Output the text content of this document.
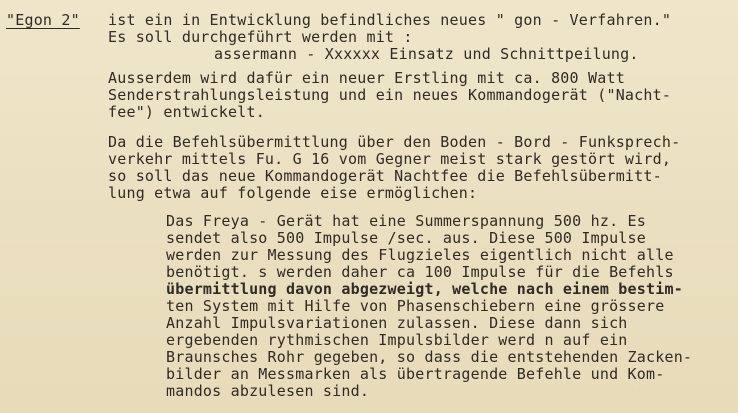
"Egon 2" ist ein in Entwicklung befindliches neues " gon - Verfahren."
Es soll durchgeführt werden mit :
assermann - Xxxxxx Einsatz und Schnittpeilung.
Ausserdem wird dafür ein neuer Erstling mit ca. 800 Watt
Senderstrahlungsleistung und ein neues Kommandogerät ("Nacht-
fee") entwickelt.
Da die Befehlsübermittlung über den Boden - Bord - Funksprech-
verkehr mittels Fu. G 16 vom Gegner meist stark gestört wird,
so soll das neue Kommandogerät Nachtfee die Befehlsübermitt-
lung etwa auf folgende eise ermöglichen:
Das Freya - Gerät hat eine Summerspannung 500 hz. Es
sendet also 500 Impulse /sec. aus. Diese 500 Impulse
werden zur Messung des Flugzieles eigentlich nicht alle
benötigt. s werden daher ca 100 Impulse für die Befehls
übermittlung davon abgezweigt, welche nach einem bestim-
ten System mit Hilfe von Phasenschiebern eine grössere
Anzahl Impulsvariationen zulassen. Diese dann sich
ergebenden rythmischen Impulsbilder werd n auf ein
Braunsches Rohr gegeben, so dass die entstehenden Zacken-
bilder an Messmarken als übertragende Befehle und Kom-
mandos abzulesen sind.
